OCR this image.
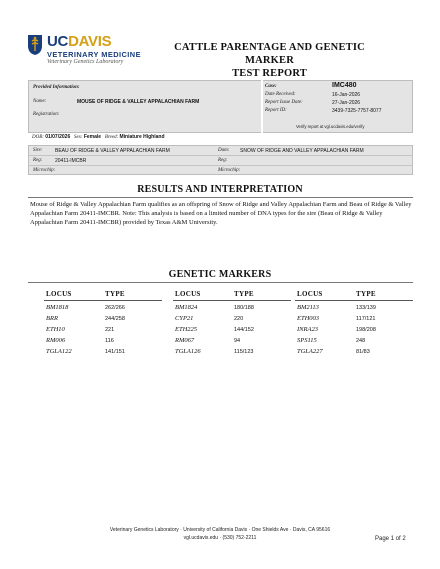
UCDAVIS
VETERINARY MEDICINE
Veterinary Genetics Laboratory
CATTLE PARENTAGE AND GENETIC MARKER
TEST REPORT
Provided Information:
Name:	MOUSE OF RIDGE & VALLEY APPALACHIAN FARM
Registration:
Case:	IMC480
Date Received:	16-Jan-2026
Report Issue Date:	27-Jan-2026
Report ID:	3439-7325-7757-8077
Verify report at vgl.ucdavis.edu/verify
DOB: 01/07/2026 Sex: Female Breed: Miniature Highland
Sire: BEAU OF RIDGE & VALLEY APPALACHIAN FARM
Reg:	20411-IMCBR
Microchip:
Dam: SNOW OF RIDGE AND VALLEY APPALACHIAN FARM
Reg:
Microchip:
RESULTS AND INTERPRETATION
Mouse of Ridge & Valley Appalachian Farm qualifies as an offspring of Snow of Ridge and Valley Appalachian Farm and Beau of Ridge & Valley Appalachian Farm 20411-IMCBR. Note: This analysis is based on a limited number of DNA types for the sire (Beau of Ridge & Valley Appalachian Farm 20411-IMCBR) provided by Texas A&M University.
GENETIC MARKERS
LOCUS	TYPE
BM1818	262/266
BRR	244/258
ETH10	221
RM006	116
TGLA122	141/151
LOCUS	TYPE
BM1824	180/188
CYP21	220
ETH225	144/152
RM067	94
TGLA126	115/123
LOCUS	TYPE
BM2113	133/139
ETH003	117/121
INRA23	198/208
SPS115	248
TGLA227	81/83
Veterinary Genetics Laboratory · University of California Davis · One Shields Ave · Davis, CA 95616
vgl.ucdavis.edu · (530) 752-2211	Page 1 of 2
